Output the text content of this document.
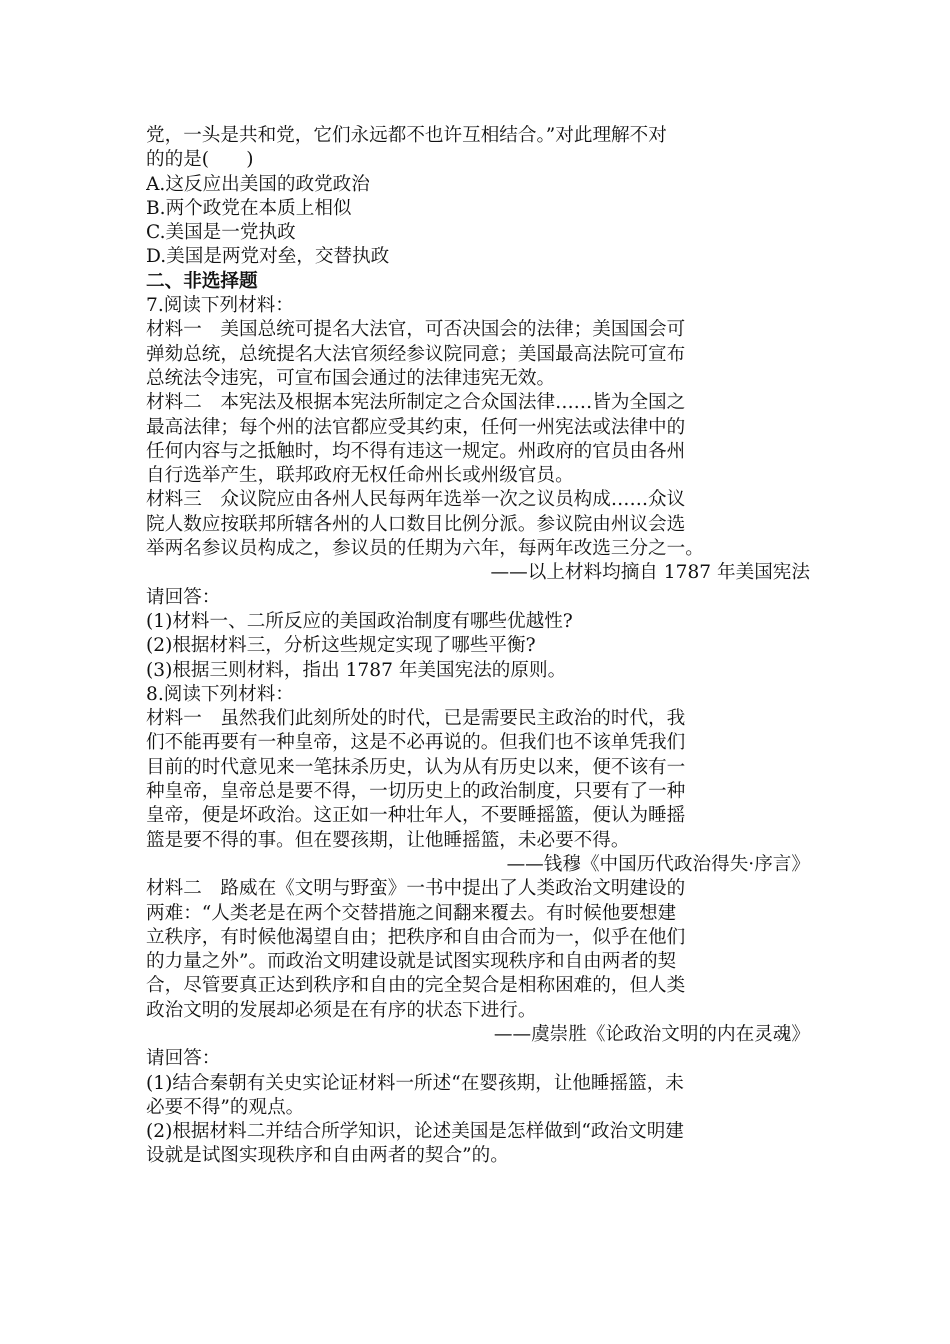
党，一头是共和党，它们永远都不也许互相结合。”对此理解不对
的的是(　　)
A.这反应出美国的政党政治
B.两个政党在本质上相似
C.美国是一党执政
D.美国是两党对垒，交替执政
二、非选择题
7.阅读下列材料：
材料一　美国总统可提名大法官，可否决国会的法律；美国国会可
弹劾总统，总统提名大法官须经参议院同意；美国最高法院可宣布
总统法令违宪，可宣布国会通过的法律违宪无效。
材料二　本宪法及根据本宪法所制定之合众国法律……皆为全国之
最高法律；每个州的法官都应受其约束，任何一州宪法或法律中的
任何内容与之抵触时，均不得有违这一规定。州政府的官员由各州
自行选举产生，联邦政府无权任命州长或州级官员。
材料三　众议院应由各州人民每两年选举一次之议员构成……众议
院人数应按联邦所辖各州的人口数目比例分派。参议院由州议会选
举两名参议员构成之，参议员的任期为六年，每两年改选三分之一。
——以上材料均摘自 1787 年美国宪法
请回答：
(1)材料一、二所反应的美国政治制度有哪些优越性?
(2)根据材料三，分析这些规定实现了哪些平衡?
(3)根据三则材料，指出 1787 年美国宪法的原则。
8.阅读下列材料：
材料一　虽然我们此刻所处的时代，已是需要民主政治的时代，我
们不能再要有一种皇帝，这是不必再说的。但我们也不该单凭我们
目前的时代意见来一笔抹杀历史，认为从有历史以来，便不该有一
种皇帝，皇帝总是要不得，一切历史上的政治制度，只要有了一种
皇帝，便是坏政治。这正如一种壮年人，不要睡摇篮，便认为睡摇
篮是要不得的事。但在婴孩期，让他睡摇篮，未必要不得。
——钱穆《中国历代政治得失·序言》
材料二　路威在《文明与野蛮》一书中提出了人类政治文明建设的
两难：“人类老是在两个交替措施之间翻来覆去。有时候他要想建
立秩序，有时候他渴望自由；把秩序和自由合而为一，似乎在他们
的力量之外”。而政治文明建设就是试图实现秩序和自由两者的契
合，尽管要真正达到秩序和自由的完全契合是相称困难的，但人类
政治文明的发展却必须是在有序的状态下进行。
——虞崇胜《论政治文明的内在灵魂》
请回答：
(1)结合秦朝有关史实论证材料一所述“在婴孩期，让他睡摇篮，未
必要不得”的观点。
(2)根据材料二并结合所学知识，论述美国是怎样做到“政治文明建
设就是试图实现秩序和自由两者的契合”的。
